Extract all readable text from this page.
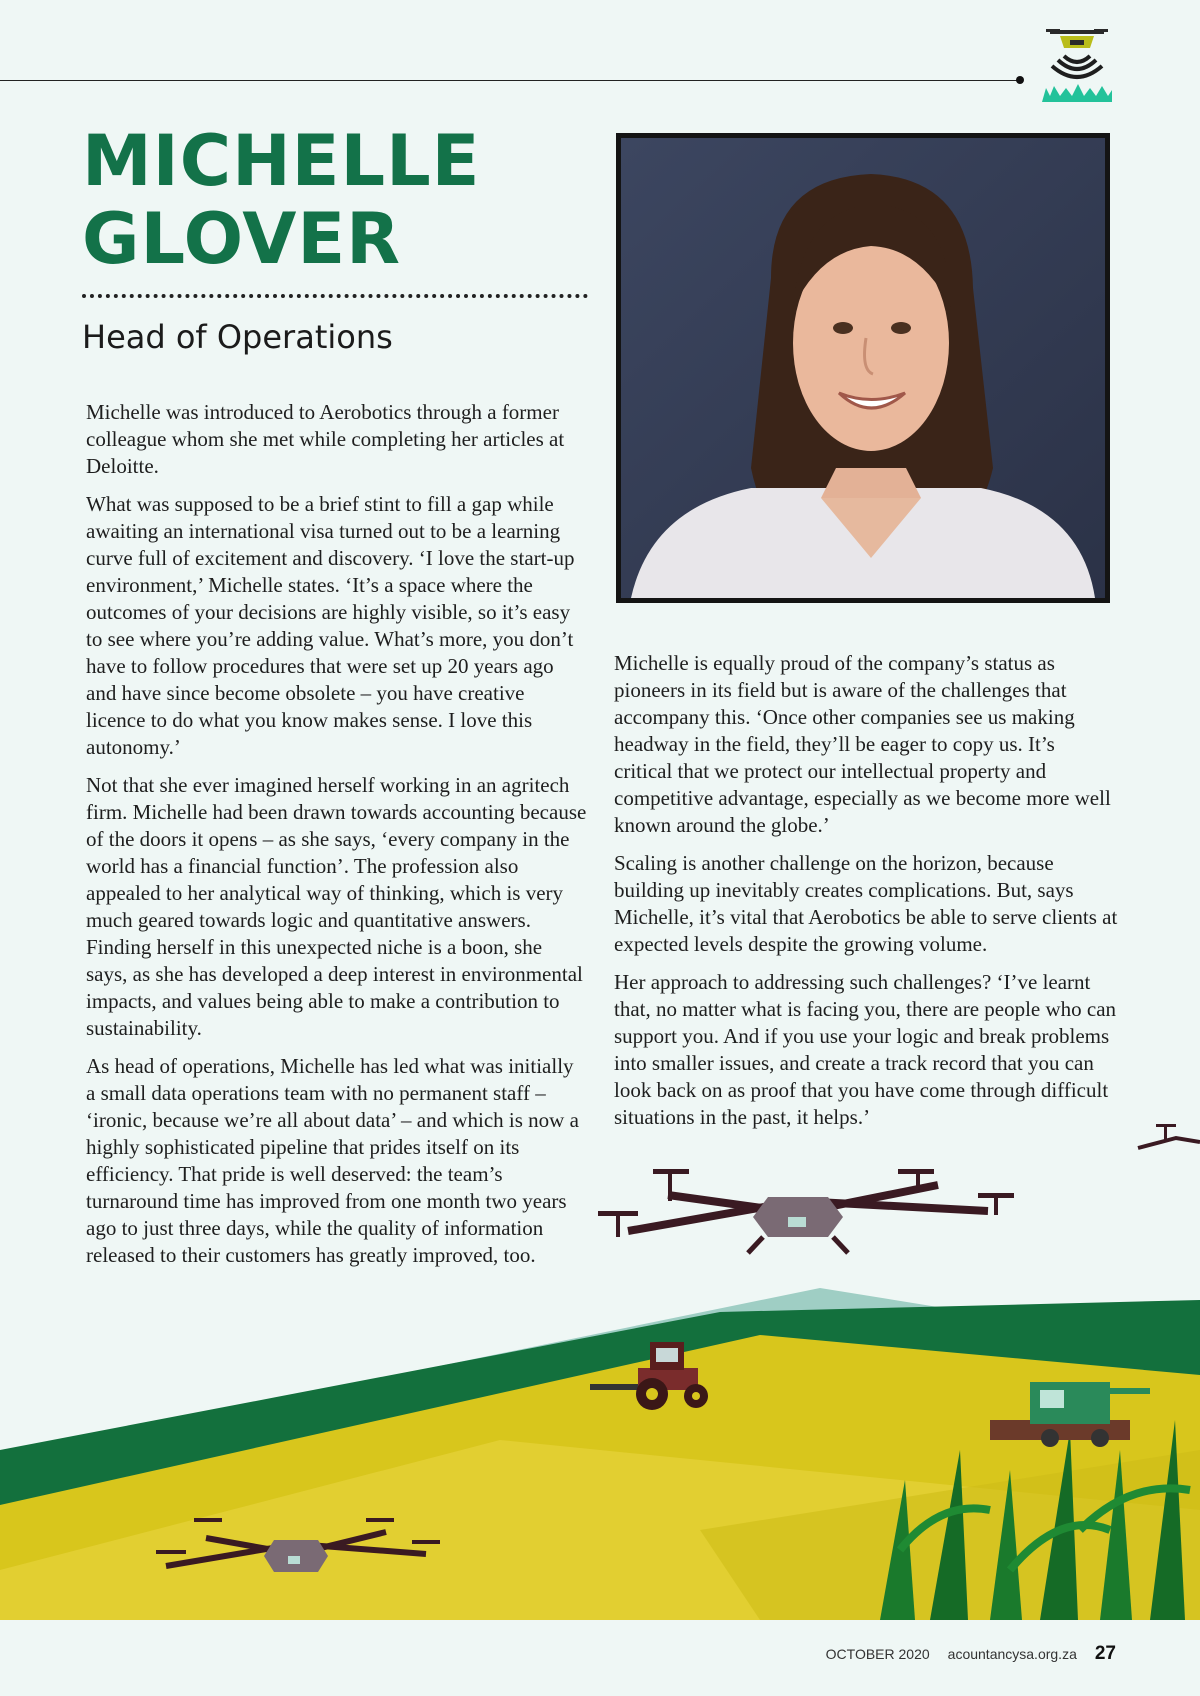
MICHELLE
GLOVER
Head of Operations

Michelle was introduced to Aerobotics through a former colleague whom she met while completing her articles at Deloitte.

What was supposed to be a brief stint to fill a gap while awaiting an international visa turned out to be a learning curve full of excitement and discovery. ‘I love the start-up environment,’ Michelle states. ‘It’s a space where the outcomes of your decisions are highly visible, so it’s easy to see where you’re adding value. What’s more, you don’t have to follow procedures that were set up 20 years ago and have since become obsolete – you have creative licence to do what you know makes sense. I love this autonomy.’

Not that she ever imagined herself working in an agritech firm. Michelle had been drawn towards accounting because of the doors it opens – as she says, ‘every company in the world has a financial function’. The profession also appealed to her analytical way of thinking, which is very much geared towards logic and quantitative answers. Finding herself in this unexpected niche is a boon, she says, as she has developed a deep interest in environmental impacts, and values being able to make a contribution to sustainability.

As head of operations, Michelle has led what was initially a small data operations team with no permanent staff – ‘ironic, because we’re all about data’ – and which is now a highly sophisticated pipeline that prides itself on its efficiency. That pride is well deserved: the team’s turnaround time has improved from one month two years ago to just three days, while the quality of information released to their customers has greatly improved, too.

Michelle is equally proud of the company’s status as pioneers in its field but is aware of the challenges that accompany this. ‘Once other companies see us making headway in the field, they’ll be eager to copy us. It’s critical that we protect our intellectual property and competitive advantage, especially as we become more well known around the globe.’

Scaling is another challenge on the horizon, because building up inevitably creates complications. But, says Michelle, it’s vital that Aerobotics be able to serve clients at expected levels despite the growing volume.

Her approach to addressing such challenges? ‘I’ve learnt that, no matter what is facing you, there are people who can support you. And if you use your logic and break problems into smaller issues, and create a track record that you can look back on as proof that you have come through difficult situations in the past, it helps.’

OCTOBER 2020 acountancysa.org.za 27
